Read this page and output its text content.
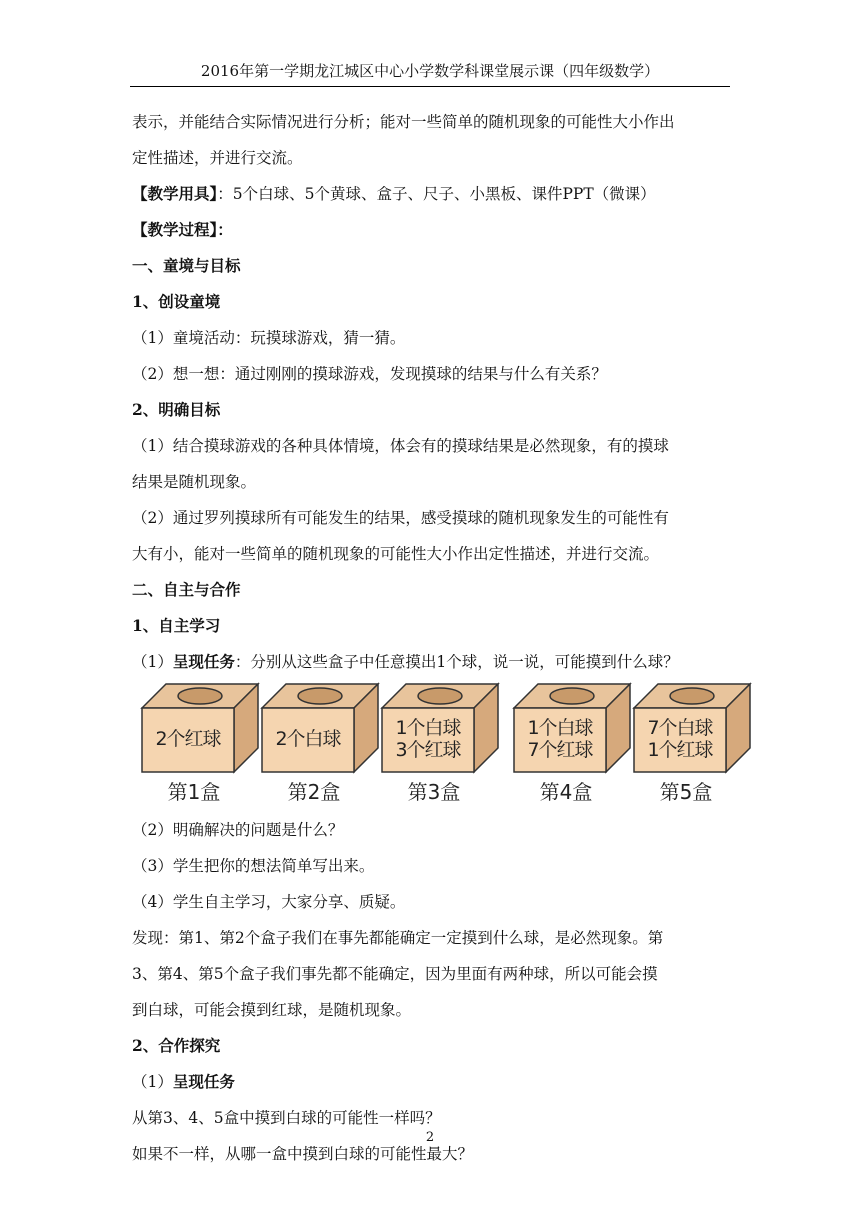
2016年第一学期龙江城区中心小学数学科课堂展示课（四年级数学）
表示，并能结合实际情况进行分析；能对一些简单的随机现象的可能性大小作出
定性描述，并进行交流。
【教学用具】：5个白球、5个黄球、盒子、尺子、小黑板、课件PPT（微课）
【教学过程】：
一、童境与目标
1、创设童境
（1）童境活动：玩摸球游戏，猜一猜。
（2）想一想：通过刚刚的摸球游戏，发现摸球的结果与什么有关系？
2、明确目标
（1）结合摸球游戏的各种具体情境，体会有的摸球结果是必然现象，有的摸球
结果是随机现象。
（2）通过罗列摸球所有可能发生的结果，感受摸球的随机现象发生的可能性有
大有小，能对一些简单的随机现象的可能性大小作出定性描述，并进行交流。
二、自主与合作
1、自主学习
（1）呈现任务：分别从这些盒子中任意摸出1个球，说一说，可能摸到什么球？
2个红球
第1盒
2个白球
第2盒
1个白球
3个红球
第3盒
1个白球
7个红球
第4盒
7个白球
1个红球
第5盒
（2）明确解决的问题是什么？
（3）学生把你的想法简单写出来。
（4）学生自主学习，大家分享、质疑。
发现：第1、第2个盒子我们在事先都能确定一定摸到什么球，是必然现象。第
3、第4、第5个盒子我们事先都不能确定，因为里面有两种球，所以可能会摸
到白球，可能会摸到红球，是随机现象。
2、合作探究
（1）呈现任务
从第3、4、5盒中摸到白球的可能性一样吗？
如果不一样，从哪一盒中摸到白球的可能性最大？
2
